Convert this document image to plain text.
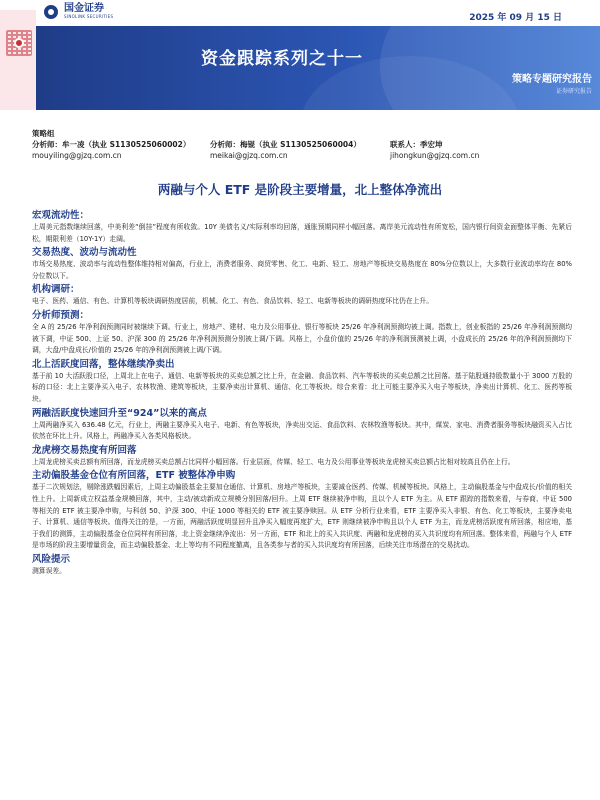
国金证券
SINOLINK SECURITIES	2025 年 09 月 15 日
资金跟踪系列之十一
策略专题研究报告
证券研究报告
策略组
分析师：牟一凌（执业 S1130525060002）
mouyiling@gjzq.com.cn
分析师：梅锟（执业 S1130525060004）
meikai@gjzq.com.cn
联系人：季宏坤
jihongkun@gjzq.com.cn
两融与个人 ETF 是阶段主要增量，北上整体净流出
宏观流动性：

上周美元指数继续回落，中美利差“倒挂”程度有所收敛。10Y 美债名义/实际利率均回落，通胀预期同样小幅回落。离岸美元流动性有所宽松，国内银行间资金面整体平衡、先紧后松，期限利差（10Y-1Y）走阔。

交易热度、波动与流动性

市场交易热度、波动率与流动性整体维持相对偏高，行业上，消费者服务、商贸零售、化工、电新、轻工、房地产等板块交易热度在 80%分位数以上，大多数行业波动率均在 80%分位数以下。

机构调研：

电子、医药、通信、有色、计算机等板块调研热度居前，机械、化工、有色、食品饮料、轻工、电新等板块的调研热度环比仍在上升。

分析师预测：

全 A 的 25/26 年净利润预测同时被继续下调。行业上，房地产、建材、电力及公用事业、银行等板块 25/26 年净利润预测均被上调。指数上，创业板指的 25/26 年净利润预测均被下调，中证 500、上证 50、沪深 300 的 25/26 年净利润预测分别被上调/下调。风格上，小盘价值的 25/26 年的净利润预测被上调，小盘成长的 25/26 年的净利润预测均下调，大盘/中盘成长/价值的 25/26 年的净利润预测被上调/下调。

北上活跃度回落，整体继续净卖出

基于前 10 大活跃股口径，上周北上在电子、通信、电新等板块的买卖总额之比上升，在金融、食品饮料、汽车等板块的买卖总额之比回落。基于陆股通持股数量小于 3000 万股的标的口径：北上主要净买入电子、农林牧渔、建筑等板块，主要净卖出计算机、通信、化工等板块。综合来看：北上可能主要净买入电子等板块，净卖出计算机、化工、医药等板块。

两融活跃度快速回升至“924”以来的高点

上周两融净买入 636.48 亿元，行业上，两融主要净买入电子、电新、有色等板块，净卖出交运、食品饮料、农林牧渔等板块。其中，煤炭、家电、消费者服务等板块融资买入占比依然在环比上升。风格上，两融净买入各类风格板块。

龙虎榜交易热度有所回落

上周龙虎榜买卖总额有所回落，而龙虎榜买卖总额占比同样小幅回落。行业层面，传媒、轻工、电力及公用事业等板块龙虎榜买卖总额占比相对较高且仍在上行。

主动偏股基金仓位有所回落，ETF 被整体净申购

基于二次规划法，剔除涨跌幅因素后，上周主动偏股基金主要加仓通信、计算机、房地产等板块，主要减仓医药、传媒、机械等板块。风格上，主动偏股基金与中盘成长/价值的相关性上升。上周新成立权益基金规模回落，其中，主动/被动新成立规模分别回落/回升。上周 ETF 继续被净申购，且以个人 ETF 为主。从 ETF 跟踪的指数来看，与券商、中证 500 等相关的 ETF 被主要净申购，与科创 50、沪深 300、中证 1000 等相关的 ETF 被主要净赎回。从 ETF 分析行业来看，ETF 主要净买入非银、有色、化工等板块，主要净卖电子、计算机、通信等板块。值得关注的是，一方面，两融活跃度明显回升且净买入幅度再度扩大，ETF 则继续被净申购且以个人 ETF 为主，而龙虎榜活跃度有所回落，相应地，基于我们的测算，主动偏股基金仓位同样有所回落，北上资金继续净流出：另一方面，ETF 和北上的买入共识度、两融和龙虎榜的买入共识度均有所回落。整体来看，两融与个人 ETF 是市场的阶段主要增量资金，而主动偏股基金、北上等均有不同程度撤离，且各类参与者的买入共识度均有所回落，后续关注市场潜在的交易扰动。

风险提示

测算误差。
